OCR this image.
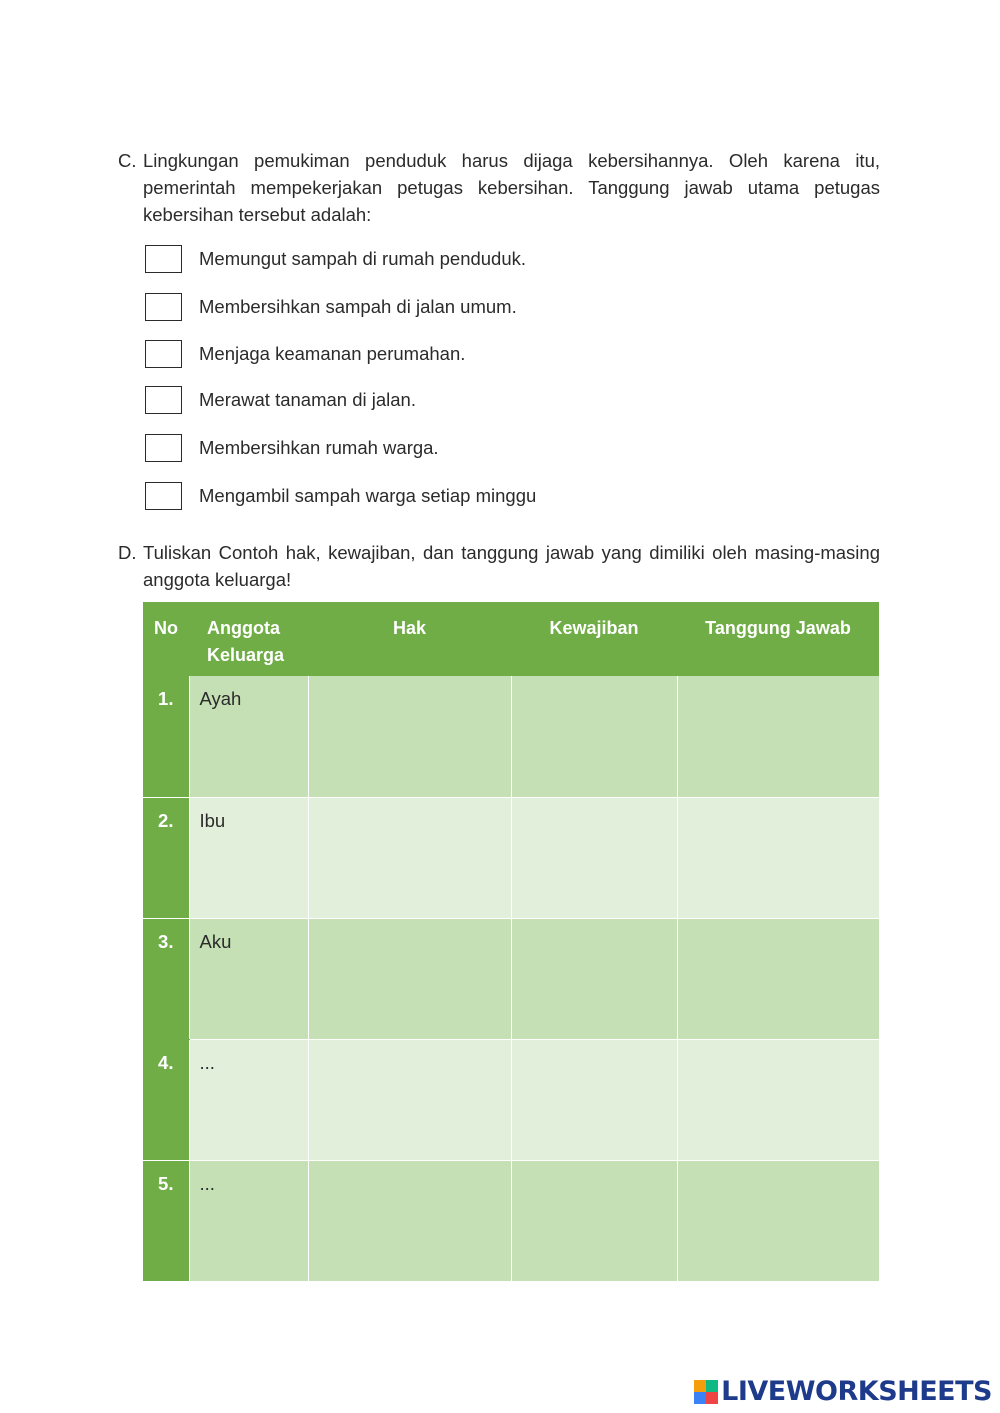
C. Lingkungan pemukiman penduduk harus dijaga kebersihannya. Oleh karena itu, pemerintah mempekerjakan petugas kebersihan. Tanggung jawab utama petugas kebersihan tersebut adalah:
Memungut sampah di rumah penduduk.
Membersihkan sampah di jalan umum.
Menjaga keamanan perumahan.
Merawat tanaman di jalan.
Membersihkan rumah warga.
Mengambil sampah warga setiap minggu
D. Tuliskan Contoh hak, kewajiban, dan tanggung jawab yang dimiliki oleh masing-masing anggota keluarga!
No	Anggota Keluarga	Hak	Kewajiban	Tanggung Jawab
1.	Ayah			
2.	Ibu			
3.	Aku			
4.	...			
5.	...			
LIVEWORKSHEETS
